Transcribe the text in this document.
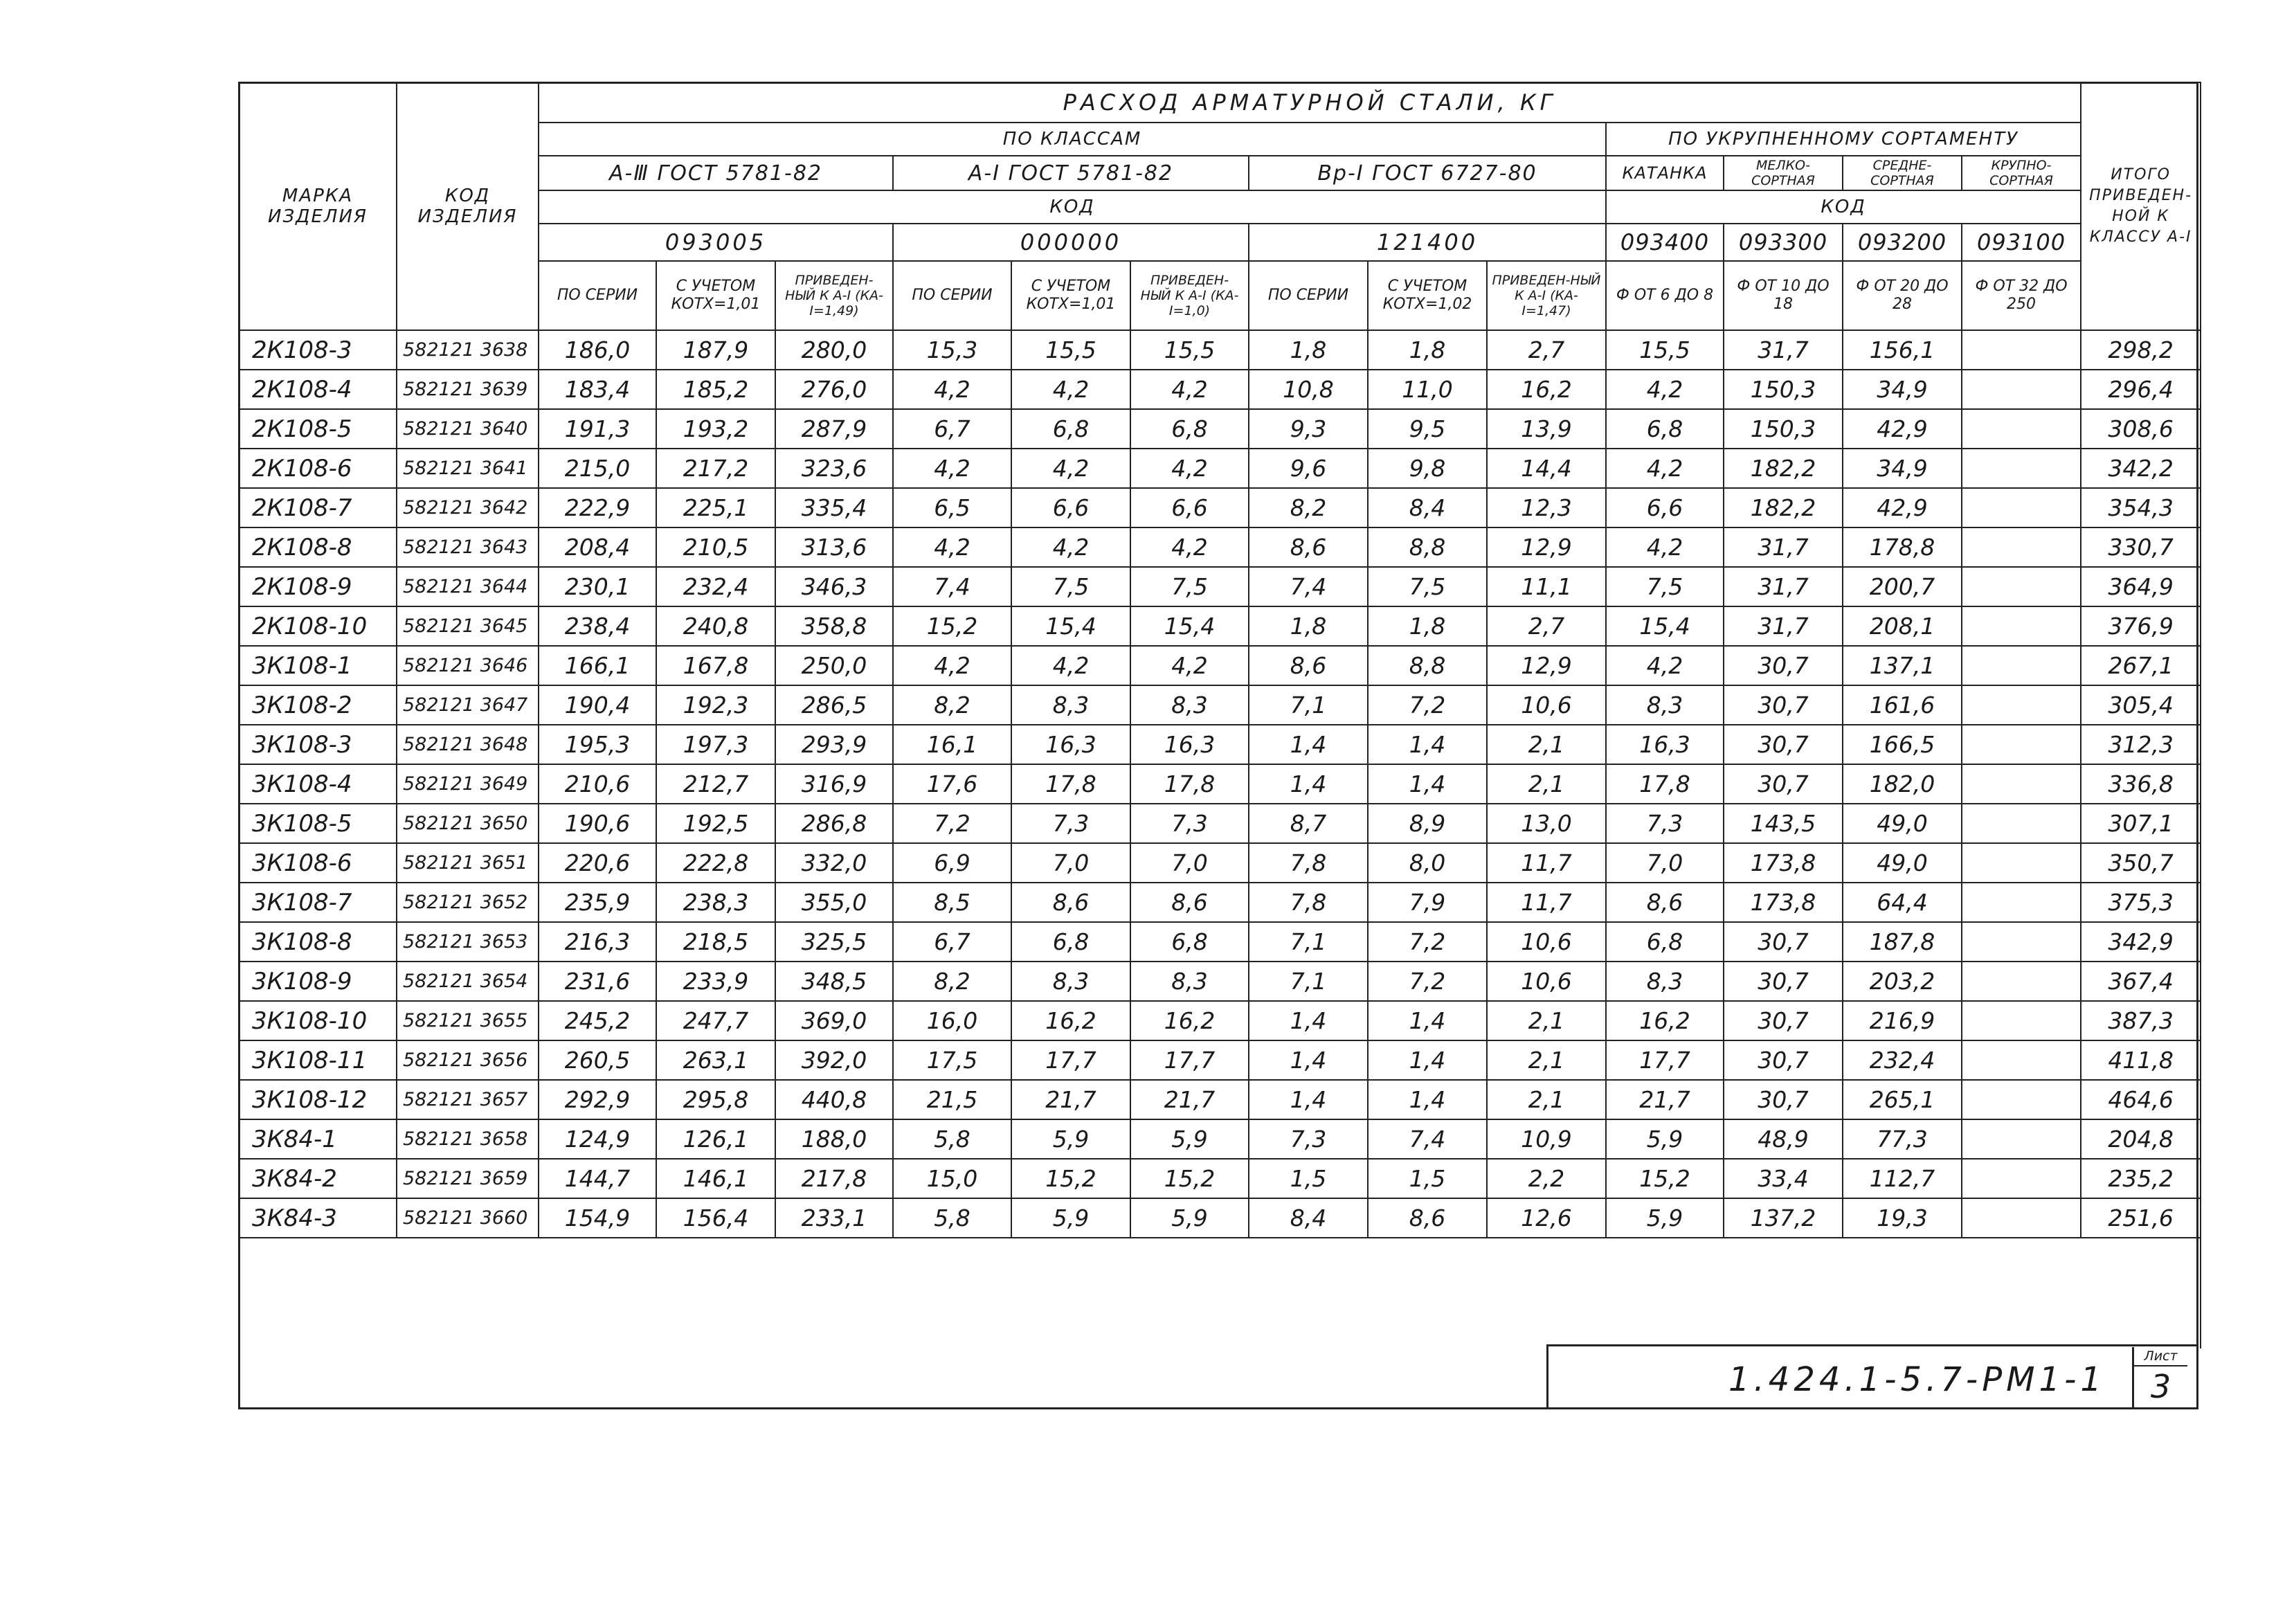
МАРКА ИЗДЕЛИЯ	КОД ИЗДЕЛИЯ	РАСХОД АРМАТУРНОЙ СТАЛИ, КГ													ИТОГО ПРИВЕДЕН-НОЙ К КЛАССУ А-I
		ПО КЛАССАМ									ПО УКРУПНЕННОМУ СОРТАМЕНТУ				
		А-Ⅲ ГОСТ 5781-82			А-I ГОСТ 5781-82			Вр-I ГОСТ 6727-80			КАТАНКА	МЕЛКО-СОРТНАЯ	СРЕДНЕ-СОРТНАЯ	КРУПНО-СОРТНАЯ	
		КОД									КОД				
		093005			000000			121400			093400	093300	093200	093100	
		ПО СЕРИИ	С УЧЕТОМ КОТХ=1,01	ПРИВЕДЕН-НЫЙ К А-I (КА-I=1,49)	ПО СЕРИИ	С УЧЕТОМ КОТХ=1,01	ПРИВЕДЕН-НЫЙ К А-I (КА-I=1,0)	ПО СЕРИИ	С УЧЕТОМ КОТХ=1,02	ПРИВЕДЕН-НЫЙ К А-I (КА-I=1,47)	Ф ОТ 6 ДО 8	Ф ОТ 10 ДО 18	Ф ОТ 20 ДО 28	Ф ОТ 32 ДО 250	
2К108-3	582121 3638	186,0	187,9	280,0	15,3	15,5	15,5	1,8	1,8	2,7	15,5	31,7	156,1		298,2
2К108-4	582121 3639	183,4	185,2	276,0	4,2	4,2	4,2	10,8	11,0	16,2	4,2	150,3	34,9		296,4
2К108-5	582121 3640	191,3	193,2	287,9	6,7	6,8	6,8	9,3	9,5	13,9	6,8	150,3	42,9		308,6
2К108-6	582121 3641	215,0	217,2	323,6	4,2	4,2	4,2	9,6	9,8	14,4	4,2	182,2	34,9		342,2
2К108-7	582121 3642	222,9	225,1	335,4	6,5	6,6	6,6	8,2	8,4	12,3	6,6	182,2	42,9		354,3
2К108-8	582121 3643	208,4	210,5	313,6	4,2	4,2	4,2	8,6	8,8	12,9	4,2	31,7	178,8		330,7
2К108-9	582121 3644	230,1	232,4	346,3	7,4	7,5	7,5	7,4	7,5	11,1	7,5	31,7	200,7		364,9
2К108-10	582121 3645	238,4	240,8	358,8	15,2	15,4	15,4	1,8	1,8	2,7	15,4	31,7	208,1		376,9
3К108-1	582121 3646	166,1	167,8	250,0	4,2	4,2	4,2	8,6	8,8	12,9	4,2	30,7	137,1		267,1
3К108-2	582121 3647	190,4	192,3	286,5	8,2	8,3	8,3	7,1	7,2	10,6	8,3	30,7	161,6		305,4
3К108-3	582121 3648	195,3	197,3	293,9	16,1	16,3	16,3	1,4	1,4	2,1	16,3	30,7	166,5		312,3
3К108-4	582121 3649	210,6	212,7	316,9	17,6	17,8	17,8	1,4	1,4	2,1	17,8	30,7	182,0		336,8
3К108-5	582121 3650	190,6	192,5	286,8	7,2	7,3	7,3	8,7	8,9	13,0	7,3	143,5	49,0		307,1
3К108-6	582121 3651	220,6	222,8	332,0	6,9	7,0	7,0	7,8	8,0	11,7	7,0	173,8	49,0		350,7
3К108-7	582121 3652	235,9	238,3	355,0	8,5	8,6	8,6	7,8	7,9	11,7	8,6	173,8	64,4		375,3
3К108-8	582121 3653	216,3	218,5	325,5	6,7	6,8	6,8	7,1	7,2	10,6	6,8	30,7	187,8		342,9
3К108-9	582121 3654	231,6	233,9	348,5	8,2	8,3	8,3	7,1	7,2	10,6	8,3	30,7	203,2		367,4
3К108-10	582121 3655	245,2	247,7	369,0	16,0	16,2	16,2	1,4	1,4	2,1	16,2	30,7	216,9		387,3
3К108-11	582121 3656	260,5	263,1	392,0	17,5	17,7	17,7	1,4	1,4	2,1	17,7	30,7	232,4		411,8
3К108-12	582121 3657	292,9	295,8	440,8	21,5	21,7	21,7	1,4	1,4	2,1	21,7	30,7	265,1		464,6
3К84-1	582121 3658	124,9	126,1	188,0	5,8	5,9	5,9	7,3	7,4	10,9	5,9	48,9	77,3		204,8
3К84-2	582121 3659	144,7	146,1	217,8	15,0	15,2	15,2	1,5	1,5	2,2	15,2	33,4	112,7		235,2
3К84-3	582121 3660	154,9	156,4	233,1	5,8	5,9	5,9	8,4	8,6	12,6	5,9	137,2	19,3		251,6

1.424.1-5.7-РМ1-1
Лист
3
